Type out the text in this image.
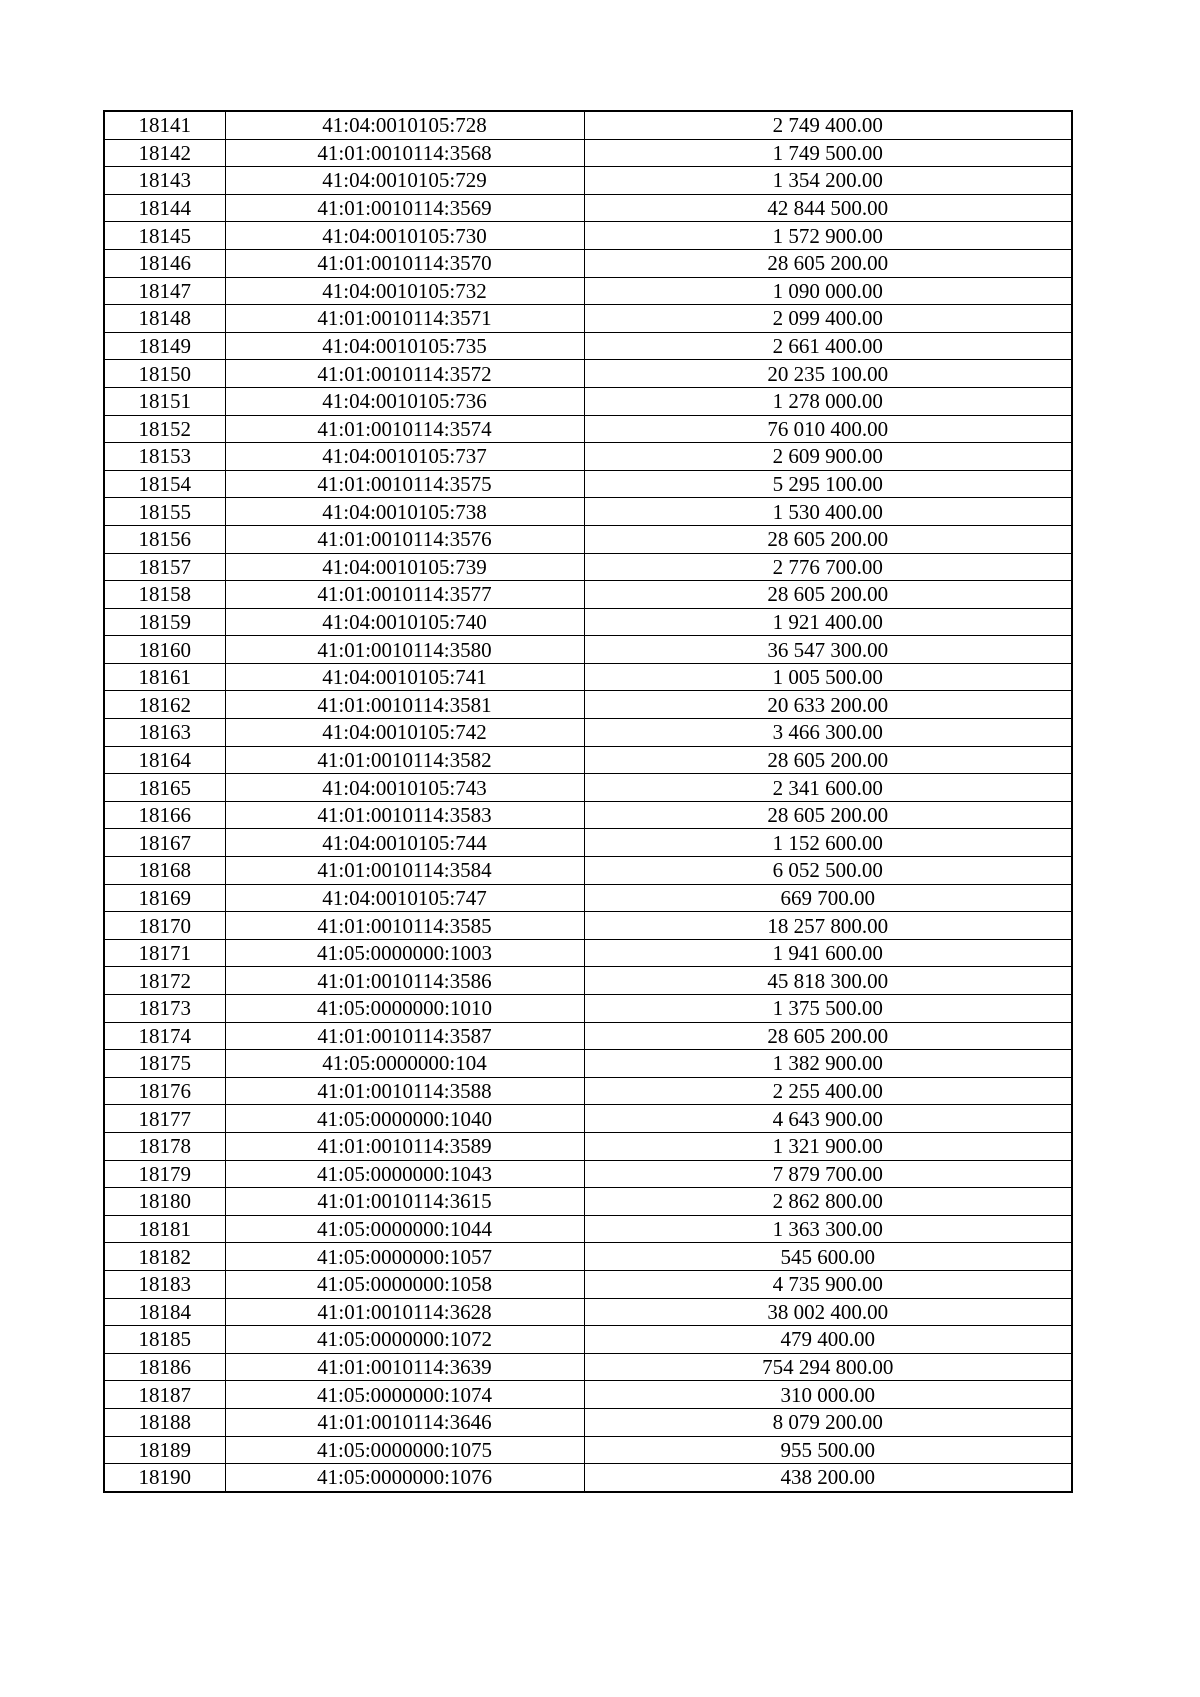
18141	41:04:0010105:728	2 749 400.00
18142	41:01:0010114:3568	1 749 500.00
18143	41:04:0010105:729	1 354 200.00
18144	41:01:0010114:3569	42 844 500.00
18145	41:04:0010105:730	1 572 900.00
18146	41:01:0010114:3570	28 605 200.00
18147	41:04:0010105:732	1 090 000.00
18148	41:01:0010114:3571	2 099 400.00
18149	41:04:0010105:735	2 661 400.00
18150	41:01:0010114:3572	20 235 100.00
18151	41:04:0010105:736	1 278 000.00
18152	41:01:0010114:3574	76 010 400.00
18153	41:04:0010105:737	2 609 900.00
18154	41:01:0010114:3575	5 295 100.00
18155	41:04:0010105:738	1 530 400.00
18156	41:01:0010114:3576	28 605 200.00
18157	41:04:0010105:739	2 776 700.00
18158	41:01:0010114:3577	28 605 200.00
18159	41:04:0010105:740	1 921 400.00
18160	41:01:0010114:3580	36 547 300.00
18161	41:04:0010105:741	1 005 500.00
18162	41:01:0010114:3581	20 633 200.00
18163	41:04:0010105:742	3 466 300.00
18164	41:01:0010114:3582	28 605 200.00
18165	41:04:0010105:743	2 341 600.00
18166	41:01:0010114:3583	28 605 200.00
18167	41:04:0010105:744	1 152 600.00
18168	41:01:0010114:3584	6 052 500.00
18169	41:04:0010105:747	669 700.00
18170	41:01:0010114:3585	18 257 800.00
18171	41:05:0000000:1003	1 941 600.00
18172	41:01:0010114:3586	45 818 300.00
18173	41:05:0000000:1010	1 375 500.00
18174	41:01:0010114:3587	28 605 200.00
18175	41:05:0000000:104	1 382 900.00
18176	41:01:0010114:3588	2 255 400.00
18177	41:05:0000000:1040	4 643 900.00
18178	41:01:0010114:3589	1 321 900.00
18179	41:05:0000000:1043	7 879 700.00
18180	41:01:0010114:3615	2 862 800.00
18181	41:05:0000000:1044	1 363 300.00
18182	41:05:0000000:1057	545 600.00
18183	41:05:0000000:1058	4 735 900.00
18184	41:01:0010114:3628	38 002 400.00
18185	41:05:0000000:1072	479 400.00
18186	41:01:0010114:3639	754 294 800.00
18187	41:05:0000000:1074	310 000.00
18188	41:01:0010114:3646	8 079 200.00
18189	41:05:0000000:1075	955 500.00
18190	41:05:0000000:1076	438 200.00
